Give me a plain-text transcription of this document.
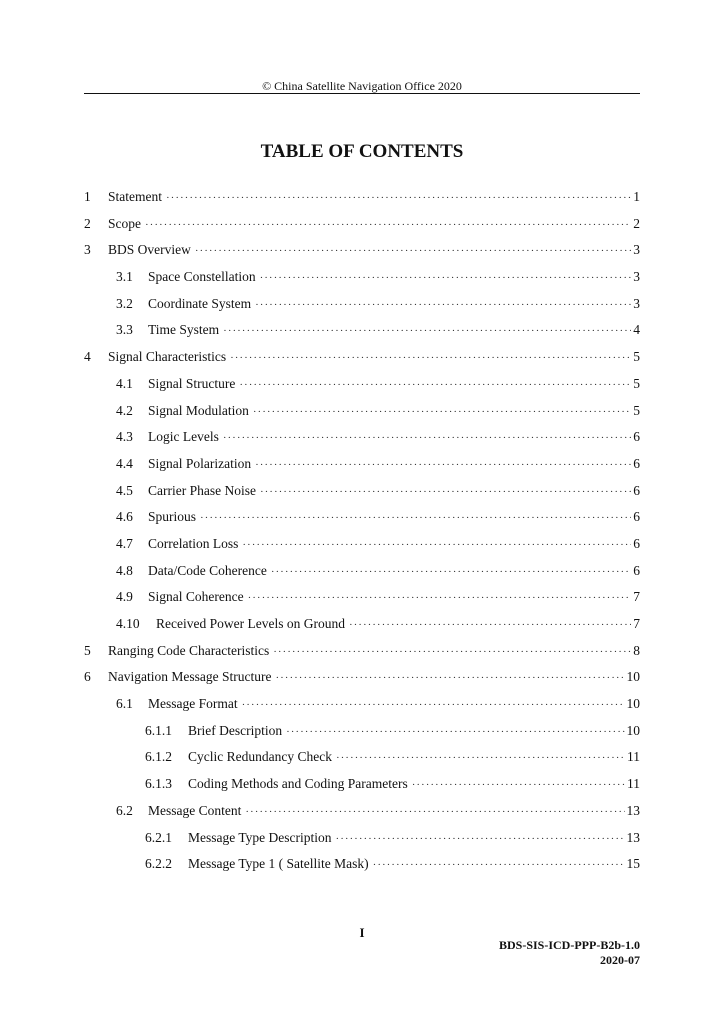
© China Satellite Navigation Office 2020
TABLE OF CONTENTS
1	Statement ·····	1
2	Scope ·····	2
3	BDS Overview ·····	3
3.1	Space Constellation ·····	3
3.2	Coordinate System ·····	3
3.3	Time System ·····	4
4	Signal Characteristics ·····	5
4.1	Signal Structure ·····	5
4.2	Signal Modulation ·····	5
4.3	Logic Levels ·····	6
4.4	Signal Polarization ·····	6
4.5	Carrier Phase Noise ·····	6
4.6	Spurious ·····	6
4.7	Correlation Loss ·····	6
4.8	Data/Code Coherence ·····	6
4.9	Signal Coherence ·····	7
4.10	Received Power Levels on Ground ·····	7
5	Ranging Code Characteristics ·····	8
6	Navigation Message Structure ·····	10
6.1	Message Format ·····	10
6.1.1	Brief Description ·····	10
6.1.2	Cyclic Redundancy Check ·····	11
6.1.3	Coding Methods and Coding Parameters ·····	11
6.2	Message Content ·····	13
6.2.1	Message Type Description ·····	13
6.2.2	Message Type 1 ( Satellite Mask) ·····	15
I
BDS-SIS-ICD-PPP-B2b-1.0
2020-07
